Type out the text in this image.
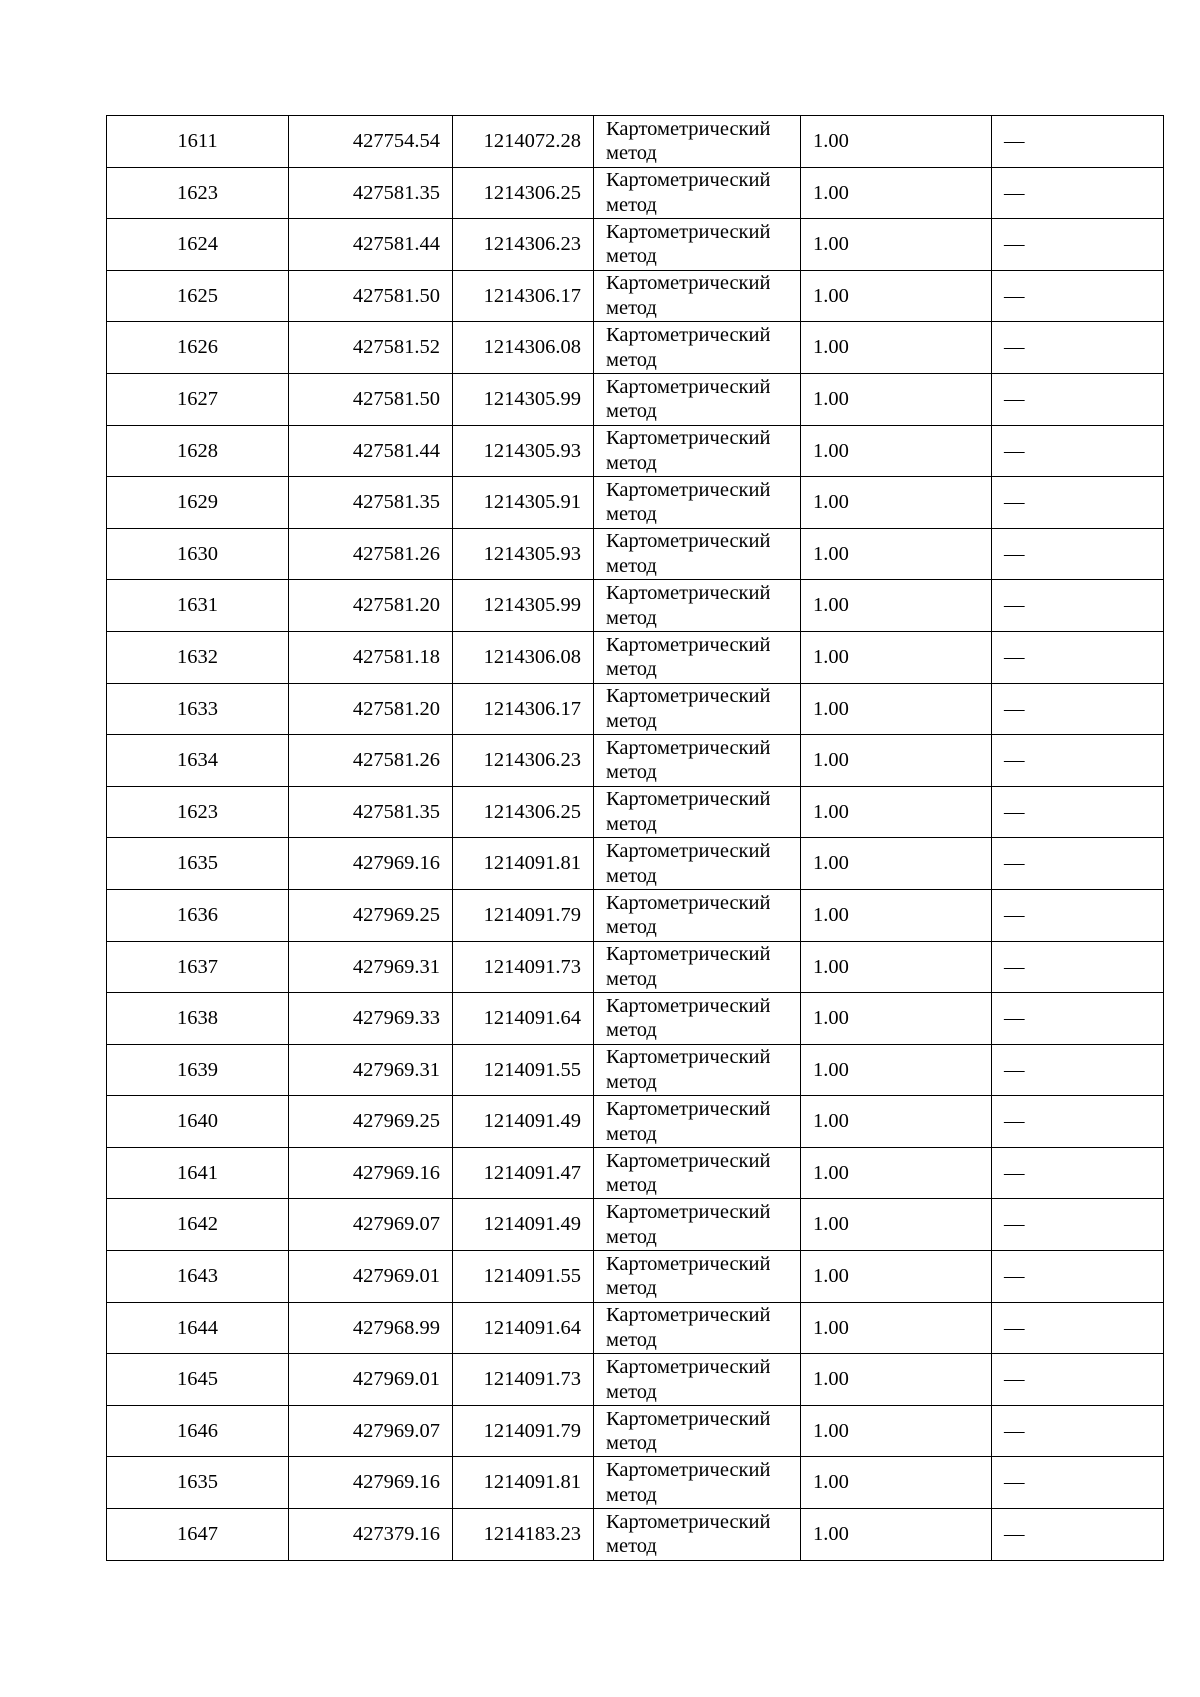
1611	427754.54	1214072.28	Картометрический метод	1.00	—
1623	427581.35	1214306.25	Картометрический метод	1.00	—
1624	427581.44	1214306.23	Картометрический метод	1.00	—
1625	427581.50	1214306.17	Картометрический метод	1.00	—
1626	427581.52	1214306.08	Картометрический метод	1.00	—
1627	427581.50	1214305.99	Картометрический метод	1.00	—
1628	427581.44	1214305.93	Картометрический метод	1.00	—
1629	427581.35	1214305.91	Картометрический метод	1.00	—
1630	427581.26	1214305.93	Картометрический метод	1.00	—
1631	427581.20	1214305.99	Картометрический метод	1.00	—
1632	427581.18	1214306.08	Картометрический метод	1.00	—
1633	427581.20	1214306.17	Картометрический метод	1.00	—
1634	427581.26	1214306.23	Картометрический метод	1.00	—
1623	427581.35	1214306.25	Картометрический метод	1.00	—
1635	427969.16	1214091.81	Картометрический метод	1.00	—
1636	427969.25	1214091.79	Картометрический метод	1.00	—
1637	427969.31	1214091.73	Картометрический метод	1.00	—
1638	427969.33	1214091.64	Картометрический метод	1.00	—
1639	427969.31	1214091.55	Картометрический метод	1.00	—
1640	427969.25	1214091.49	Картометрический метод	1.00	—
1641	427969.16	1214091.47	Картометрический метод	1.00	—
1642	427969.07	1214091.49	Картометрический метод	1.00	—
1643	427969.01	1214091.55	Картометрический метод	1.00	—
1644	427968.99	1214091.64	Картометрический метод	1.00	—
1645	427969.01	1214091.73	Картометрический метод	1.00	—
1646	427969.07	1214091.79	Картометрический метод	1.00	—
1635	427969.16	1214091.81	Картометрический метод	1.00	—
1647	427379.16	1214183.23	Картометрический метод	1.00	—
